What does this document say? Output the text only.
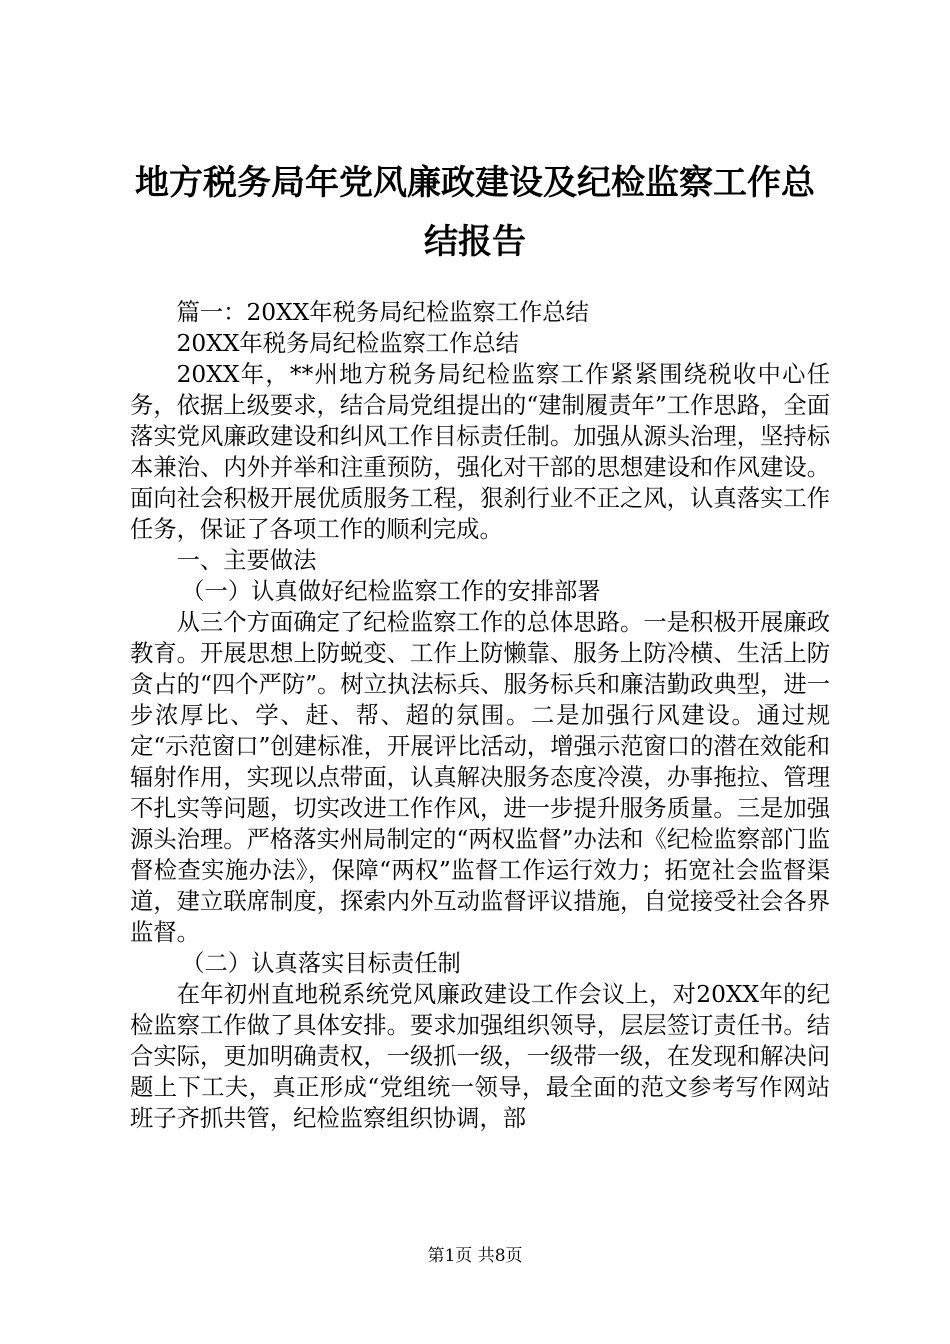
地方税务局年党风廉政建设及纪检监察工作总
结报告

篇一：20XX年税务局纪检监察工作总结

20XX年税务局纪检监察工作总结

20XX年，**州地方税务局纪检监察工作紧紧围绕税收中心任务，依据上级要求，结合局党组提出的“建制履责年”工作思路，全面落实党风廉政建设和纠风工作目标责任制。加强从源头治理，坚持标本兼治、内外并举和注重预防，强化对干部的思想建设和作风建设。面向社会积极开展优质服务工程，狠刹行业不正之风，认真落实工作任务，保证了各项工作的顺利完成。

一、主要做法

（一）认真做好纪检监察工作的安排部署

从三个方面确定了纪检监察工作的总体思路。一是积极开展廉政教育。开展思想上防蜕变、工作上防懒靠、服务上防冷横、生活上防贪占的“四个严防”。树立执法标兵、服务标兵和廉洁勤政典型，进一步浓厚比、学、赶、帮、超的氛围。二是加强行风建设。通过规定“示范窗口”创建标准，开展评比活动，增强示范窗口的潜在效能和辐射作用，实现以点带面，认真解决服务态度冷漠，办事拖拉、管理不扎实等问题，切实改进工作作风，进一步提升服务质量。三是加强源头治理。严格落实州局制定的“两权监督”办法和《纪检监察部门监督检查实施办法》，保障“两权”监督工作运行效力；拓宽社会监督渠道，建立联席制度，探索内外互动监督评议措施，自觉接受社会各界监督。

（二）认真落实目标责任制

在年初州直地税系统党风廉政建设工作会议上，对20XX年的纪检监察工作做了具体安排。要求加强组织领导，层层签订责任书。结合实际，更加明确责权，一级抓一级，一级带一级，在发现和解决问题上下工夫，真正形成“党组统一领导，最全面的范文参考写作网站班子齐抓共管，纪检监察组织协调，部

第1页 共8页
